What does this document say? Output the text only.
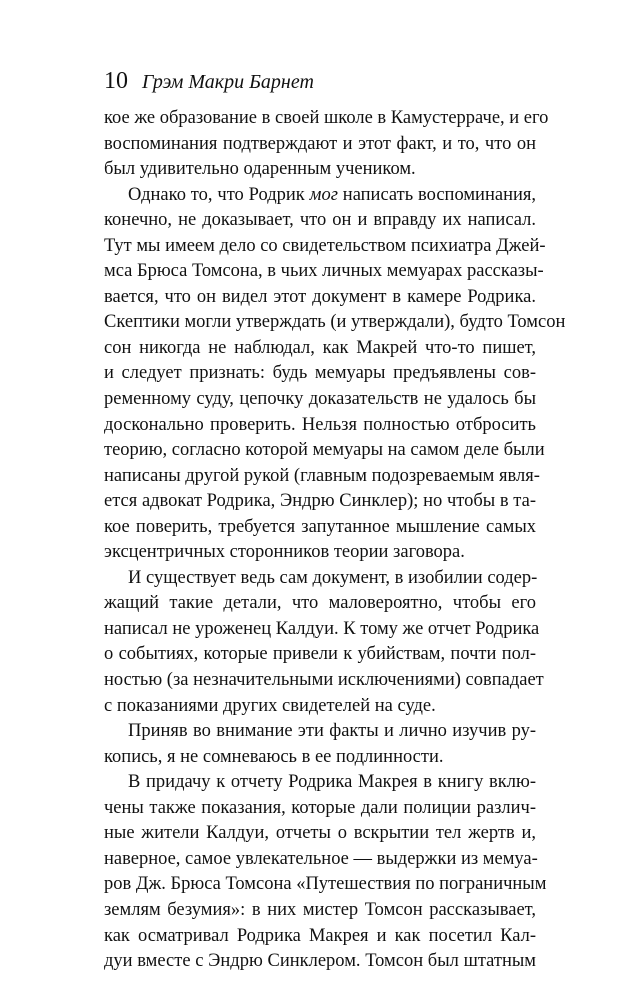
10 Грэм Макри Барнет
кое же образование в своей школе в Камустерраче, и его
воспоминания подтверждают и этот факт, и то, что он
был удивительно одаренным учеником.
Однако то, что Родрик мог написать воспоминания,
конечно, не доказывает, что он и вправду их написал.
Тут мы имеем дело со свидетельством психиатра Джей-
мса Брюса Томсона, в чьих личных мемуарах рассказы-
вается, что он видел этот документ в камере Родрика.
Скептики могли утверждать (и утверждали), будто Томсон
сон никогда не наблюдал, как Макрей что-то пишет,
и следует признать: будь мемуары предъявлены сов-
ременному суду, цепочку доказательств не удалось бы
досконально проверить. Нельзя полностью отбросить
теорию, согласно которой мемуары на самом деле были
написаны другой рукой (главным подозреваемым явля-
ется адвокат Родрика, Эндрю Синклер); но чтобы в та-
кое поверить, требуется запутанное мышление самых
эксцентричных сторонников теории заговора.
И существует ведь сам документ, в изобилии содер-
жащий такие детали, что маловероятно, чтобы его
написал не уроженец Калдуи. К тому же отчет Родрика
о событиях, которые привели к убийствам, почти пол-
ностью (за незначительными исключениями) совпадает
с показаниями других свидетелей на суде.
Приняв во внимание эти факты и лично изучив ру-
копись, я не сомневаюсь в ее подлинности.
В придачу к отчету Родрика Макрея в книгу вклю-
чены также показания, которые дали полиции различ-
ные жители Калдуи, отчеты о вскрытии тел жертв и,
наверное, самое увлекательное — выдержки из мемуа-
ров Дж. Брюса Томсона «Путешествия по пограничным
землям безумия»: в них мистер Томсон рассказывает,
как осматривал Родрика Макрея и как посетил Кал-
дуи вместе с Эндрю Синклером. Томсон был штатным
